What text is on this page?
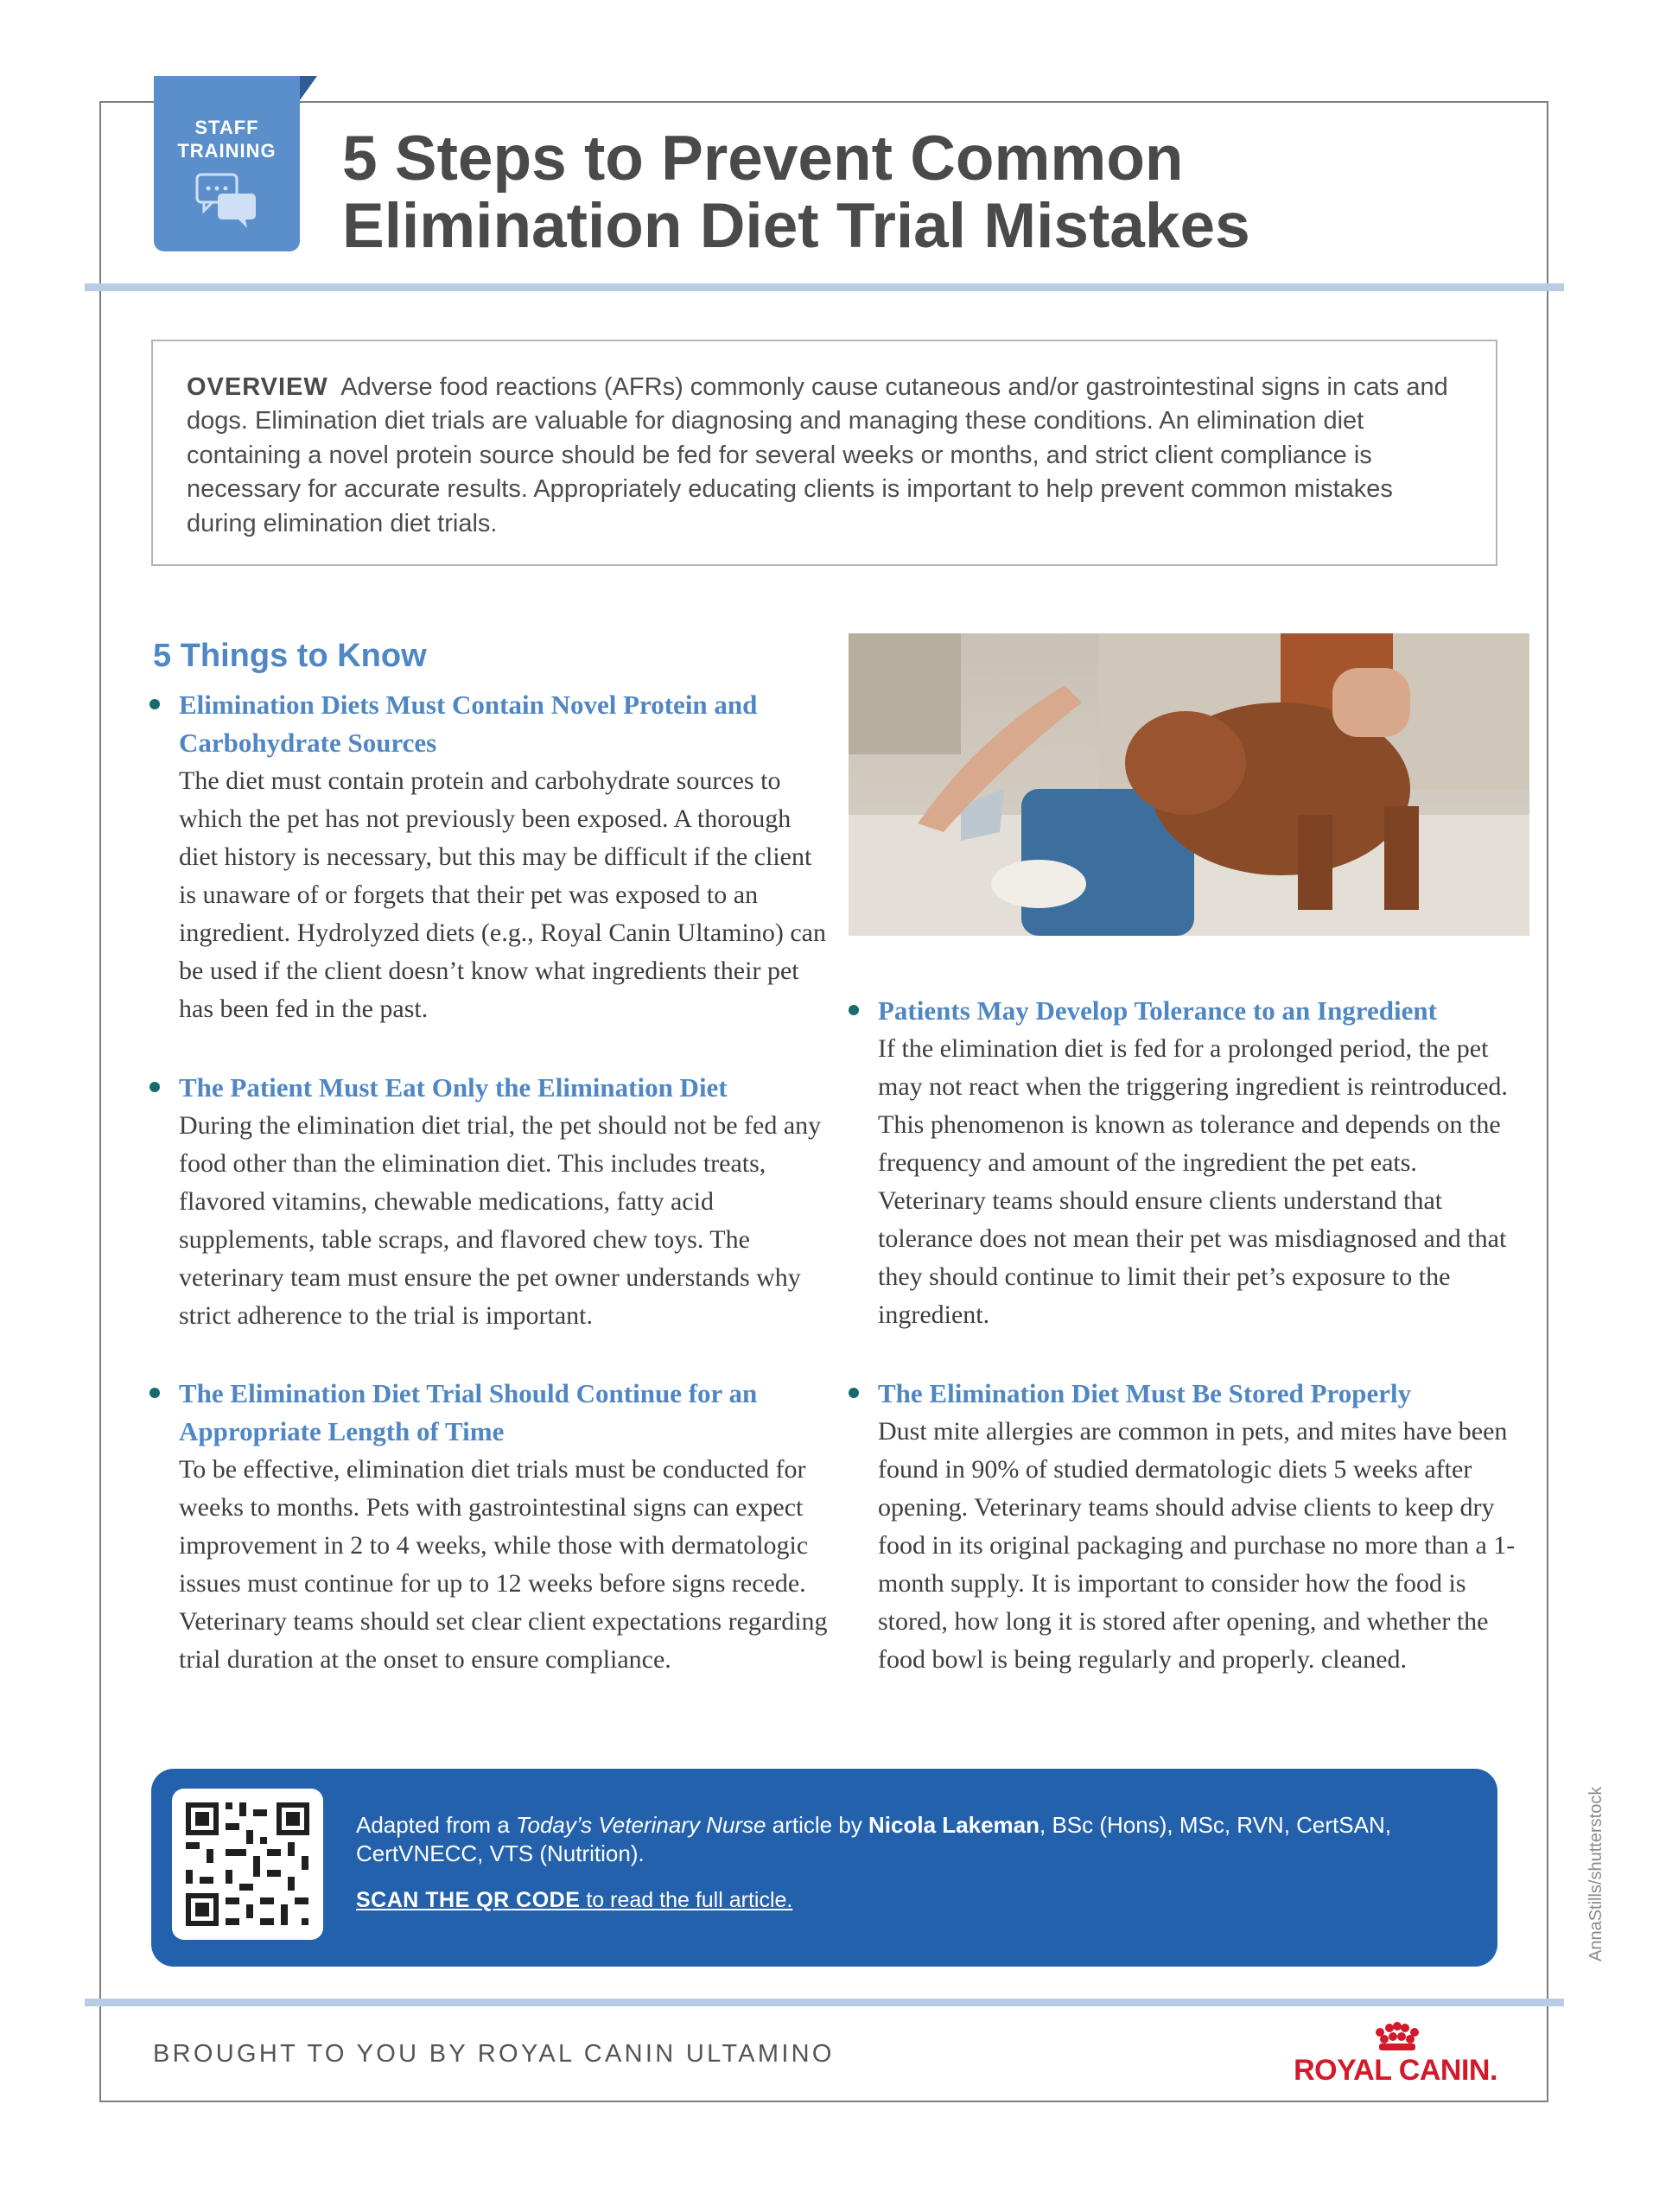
STAFF
TRAINING	5 Steps to Prevent Common
Elimination Diet Trial Mistakes
OVERVIEW Adverse food reactions (AFRs) commonly cause cutaneous and/or gastrointestinal signs in cats and dogs. Elimination diet trials are valuable for diagnosing and managing these conditions. An elimination diet containing a novel protein source should be fed for several weeks or months, and strict client compliance is necessary for accurate results. Appropriately educating clients is important to help prevent common mistakes during elimination diet trials.
5 Things to Know
Elimination Diets Must Contain Novel Protein and Carbohydrate Sources
The diet must contain protein and carbohydrate sources to which the pet has not previously been exposed. A thorough diet history is necessary, but this may be difficult if the client is unaware of or forgets that their pet was exposed to an ingredient. Hydrolyzed diets (e.g., Royal Canin Ultamino) can be used if the client doesn’t know what ingredients their pet has been fed in the past.
The Patient Must Eat Only the Elimination Diet
During the elimination diet trial, the pet should not be fed any food other than the elimination diet. This includes treats, flavored vitamins, chewable medications, fatty acid supplements, table scraps, and flavored chew toys. The veterinary team must ensure the pet owner understands why strict adherence to the trial is important.
The Elimination Diet Trial Should Continue for an Appropriate Length of Time
To be effective, elimination diet trials must be conducted for weeks to months. Pets with gastrointestinal signs can expect improvement in 2 to 4 weeks, while those with dermatologic issues must continue for up to 12 weeks before signs recede. Veterinary teams should set clear client expectations regarding trial duration at the onset to ensure compliance.
Patients May Develop Tolerance to an Ingredient
If the elimination diet is fed for a prolonged period, the pet may not react when the triggering ingredient is reintroduced. This phenomenon is known as tolerance and depends on the frequency and amount of the ingredient the pet eats. Veterinary teams should ensure clients understand that tolerance does not mean their pet was misdiagnosed and that they should continue to limit their pet’s exposure to the ingredient.
The Elimination Diet Must Be Stored Properly
Dust mite allergies are common in pets, and mites have been found in 90% of studied dermatologic diets 5 weeks after opening. Veterinary teams should advise clients to keep dry food in its original packaging and purchase no more than a 1-month supply. It is important to consider how the food is stored, how long it is stored after opening, and whether the food bowl is being regularly and properly. cleaned.
Adapted from a Today’s Veterinary Nurse article by Nicola Lakeman, BSc (Hons), MSc, RVN, CertSAN, CertVNECC, VTS (Nutrition).
SCAN THE QR CODE to read the full article.	AnnaStills/shutterstock
BROUGHT TO YOU BY ROYAL CANIN ULTAMINO	ROYAL CANIN.
